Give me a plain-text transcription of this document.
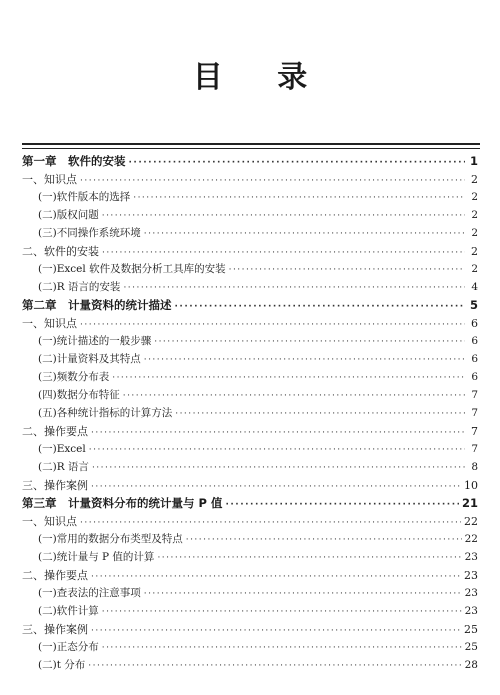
目 录
第一章　软件的安装 ·····	1
一、知识点 ·····	2
(一)软件版本的选择 ·····	2
(二)版权问题 ·····	2
(三)不同操作系统环境 ·····	2
二、软件的安装 ·····	2
(一)Excel 软件及数据分析工具库的安装 ·····	2
(二)R 语言的安装 ·····	4
第二章　计量资料的统计描述 ·····	5
一、知识点 ·····	6
(一)统计描述的一般步骤 ·····	6
(二)计量资料及其特点 ·····	6
(三)频数分布表 ·····	6
(四)数据分布特征 ·····	7
(五)各种统计指标的计算方法 ·····	7
二、操作要点 ·····	7
(一)Excel ·····	7
(二)R 语言 ·····	8
三、操作案例 ·····	10
第三章　计量资料分布的统计量与 P 值 ·····	21
一、知识点 ·····	22
(一)常用的数据分布类型及特点 ·····	22
(二)统计量与 P 值的计算 ·····	23
二、操作要点 ·····	23
(一)查表法的注意事项 ·····	23
(二)软件计算 ·····	23
三、操作案例 ·····	25
(一)正态分布 ·····	25
(二)t 分布 ·····	28
